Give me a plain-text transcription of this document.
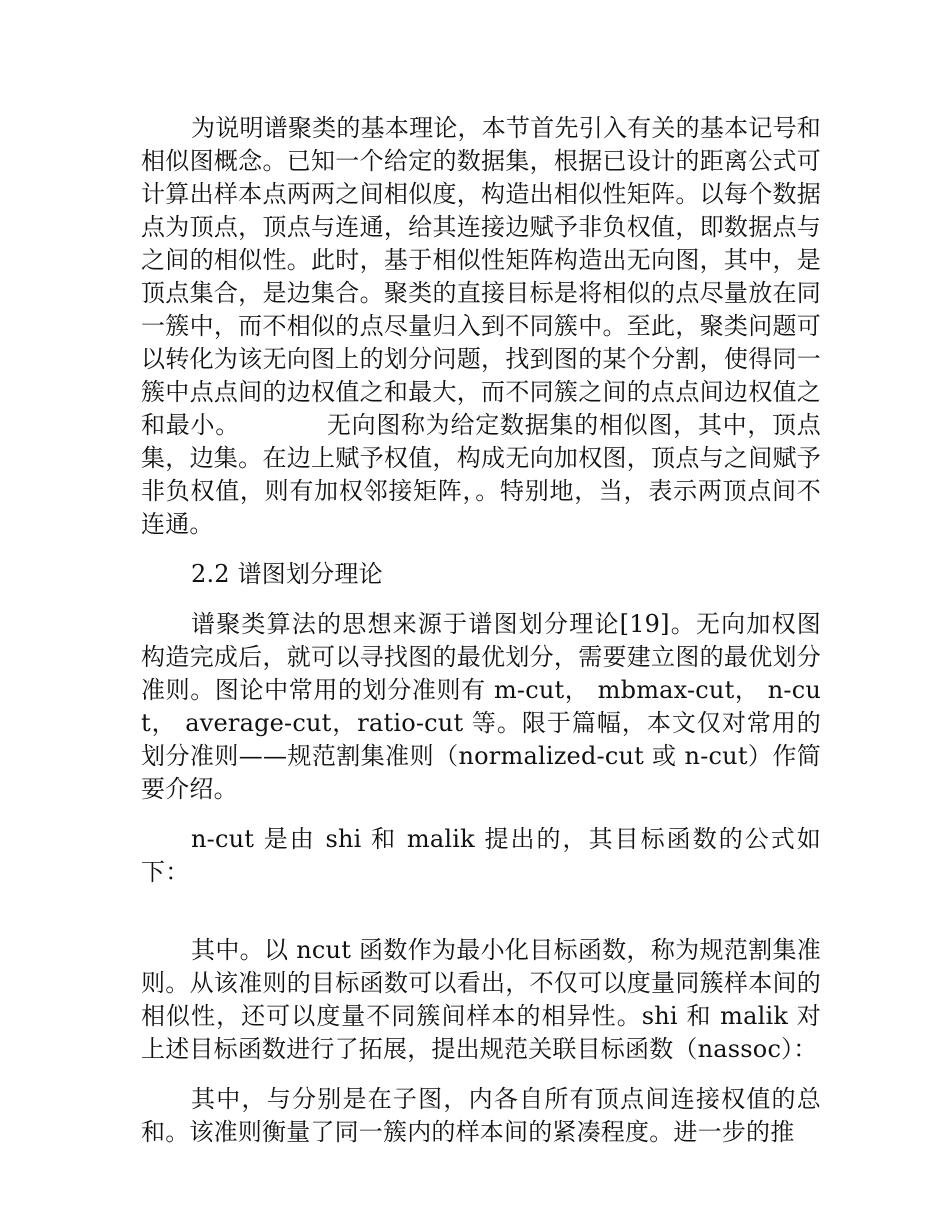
为说明谱聚类的基本理论，本节首先引入有关的基本记号和相似图概念。已知一个给定的数据集，根据已设计的距离公式可计算出样本点两两之间相似度，构造出相似性矩阵。以每个数据点为顶点，顶点与连通，给其连接边赋予非负权值，即数据点与之间的相似性。此时，基于相似性矩阵构造出无向图，其中，是顶点集合，是边集合。聚类的直接目标是将相似的点尽量放在同一簇中，而不相似的点尽量归入到不同簇中。至此，聚类问题可以转化为该无向图上的划分问题，找到图的某个分割，使得同一簇中点点间的边权值之和最大，而不同簇之间的点点间边权值之和最小。　　　　无向图称为给定数据集的相似图，其中，顶点集，边集。在边上赋予权值，构成无向加权图，顶点与之间赋予非负权值，则有加权邻接矩阵，。特别地，当，表示两顶点间不连通。

2.2 谱图划分理论

谱聚类算法的思想来源于谱图划分理论[19]。无向加权图构造完成后，就可以寻找图的最优划分，需要建立图的最优划分准则。图论中常用的划分准则有 m-cut， mbmax-cut， n-cut， average-cut，ratio-cut 等。限于篇幅，本文仅对常用的划分准则——规范割集准则（normalized-cut 或 n-cut）作简要介绍。

n-cut 是由 shi 和 malik 提出的，其目标函数的公式如下：

其中。以 ncut 函数作为最小化目标函数，称为规范割集准则。从该准则的目标函数可以看出，不仅可以度量同簇样本间的相似性，还可以度量不同簇间样本的相异性。shi 和 malik 对上述目标函数进行了拓展，提出规范关联目标函数（nassoc）：

其中，与分别是在子图，内各自所有顶点间连接权值的总和。该准则衡量了同一簇内的样本间的紧凑程度。进一步的推
